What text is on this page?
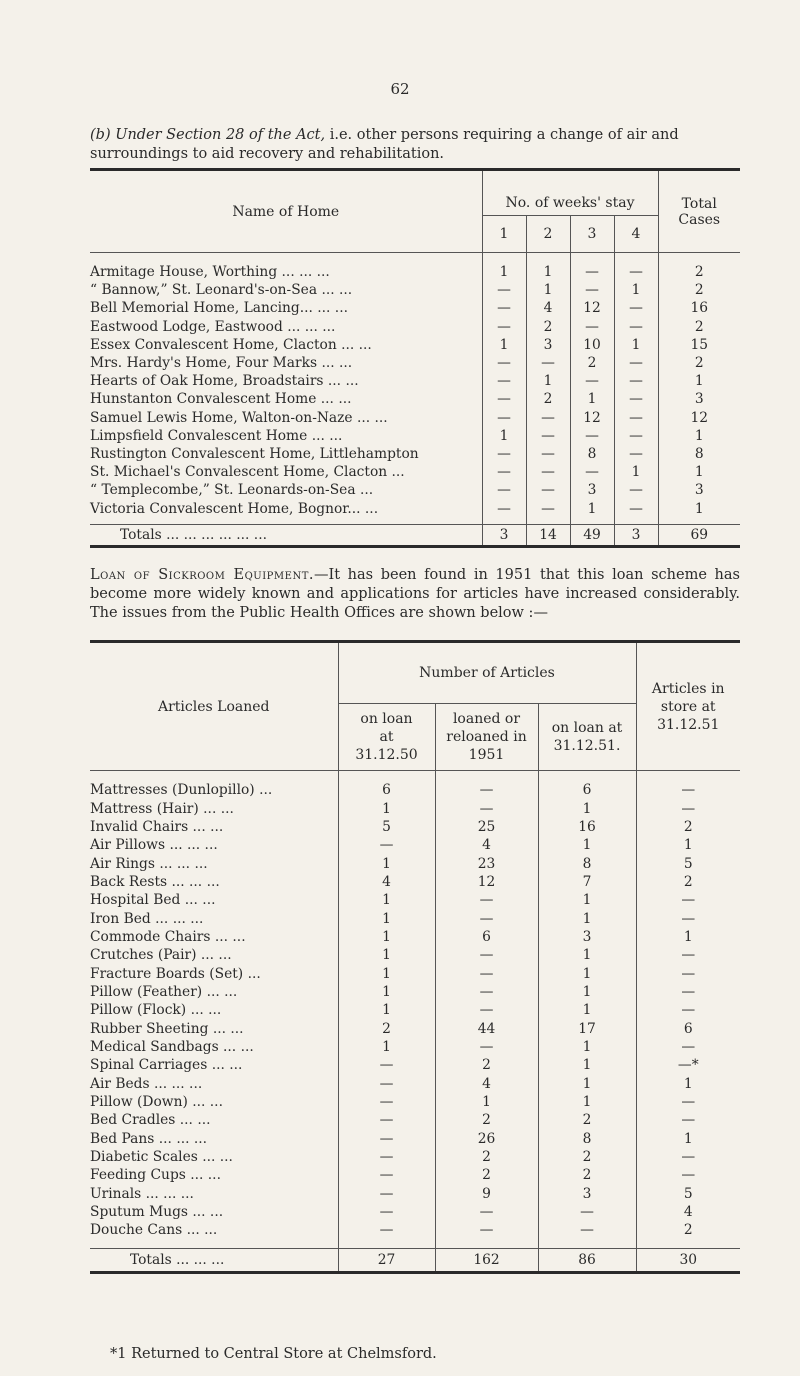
62
(b) Under Section 28 of the Act, i.e. other persons requiring a change of air and surroundings to aid recovery and rehabilitation.
Name of Home	No. of weeks' stay				Total Cases
	1	2	3	4	

Armitage House, Worthing ... ... ...	1	1	—	—	2
“ Bannow,” St. Leonard's-on-Sea ... ...	—	1	—	1	2
Bell Memorial Home, Lancing... ... ...	—	4	12	—	16
Eastwood Lodge, Eastwood ... ... ...	—	2	—	—	2
Essex Convalescent Home, Clacton ... ...	1	3	10	1	15
Mrs. Hardy's Home, Four Marks ... ...	—	—	2	—	2
Hearts of Oak Home, Broadstairs ... ...	—	1	—	—	1
Hunstanton Convalescent Home ... ...	—	2	1	—	3
Samuel Lewis Home, Walton-on-Naze ... ...	—	—	12	—	12
Limpsfield Convalescent Home ... ...	1	—	—	—	1
Rustington Convalescent Home, Littlehampton	—	—	8	—	8
St. Michael's Convalescent Home, Clacton ...	—	—	—	1	1
“ Templecombe,” St. Leonards-on-Sea ...	—	—	3	—	3
Victoria Convalescent Home, Bognor... ...	—	—	1	—	1

Totals ... ... ... ... ... ...	3	14	49	3	69
Loan of Sickroom Equipment.—It has been found in 1951 that this loan scheme has become more widely known and applications for articles have increased considerably. The issues from the Public Health Offices are shown below :—
Articles Loaned	Number of Articles			Articles in store at 31.12.51
	on loan at 31.12.50	loaned or reloaned in 1951	on loan at 31.12.51.	

Mattresses (Dunlopillo) ...	6	—	6	—
Mattress (Hair) ... ...	1	—	1	—
Invalid Chairs ... ...	5	25	16	2
Air Pillows ... ... ...	—	4	1	1
Air Rings ... ... ...	1	23	8	5
Back Rests ... ... ...	4	12	7	2
Hospital Bed ... ...	1	—	1	—
Iron Bed ... ... ...	1	—	1	—
Commode Chairs ... ...	1	6	3	1
Crutches (Pair) ... ...	1	—	1	—
Fracture Boards (Set) ...	1	—	1	—
Pillow (Feather) ... ...	1	—	1	—
Pillow (Flock) ... ...	1	—	1	—
Rubber Sheeting ... ...	2	44	17	6
Medical Sandbags ... ...	1	—	1	—
Spinal Carriages ... ...	—	2	1	—*
Air Beds ... ... ...	—	4	1	1
Pillow (Down) ... ...	—	1	1	—
Bed Cradles ... ...	—	2	2	—
Bed Pans ... ... ...	—	26	8	1
Diabetic Scales ... ...	—	2	2	—
Feeding Cups ... ...	—	2	2	—
Urinals ... ... ...	—	9	3	5
Sputum Mugs ... ...	—	—	—	4
Douche Cans ... ...	—	—	—	2

Totals ... ... ...	27	162	86	30
*1 Returned to Central Store at Chelmsford.
